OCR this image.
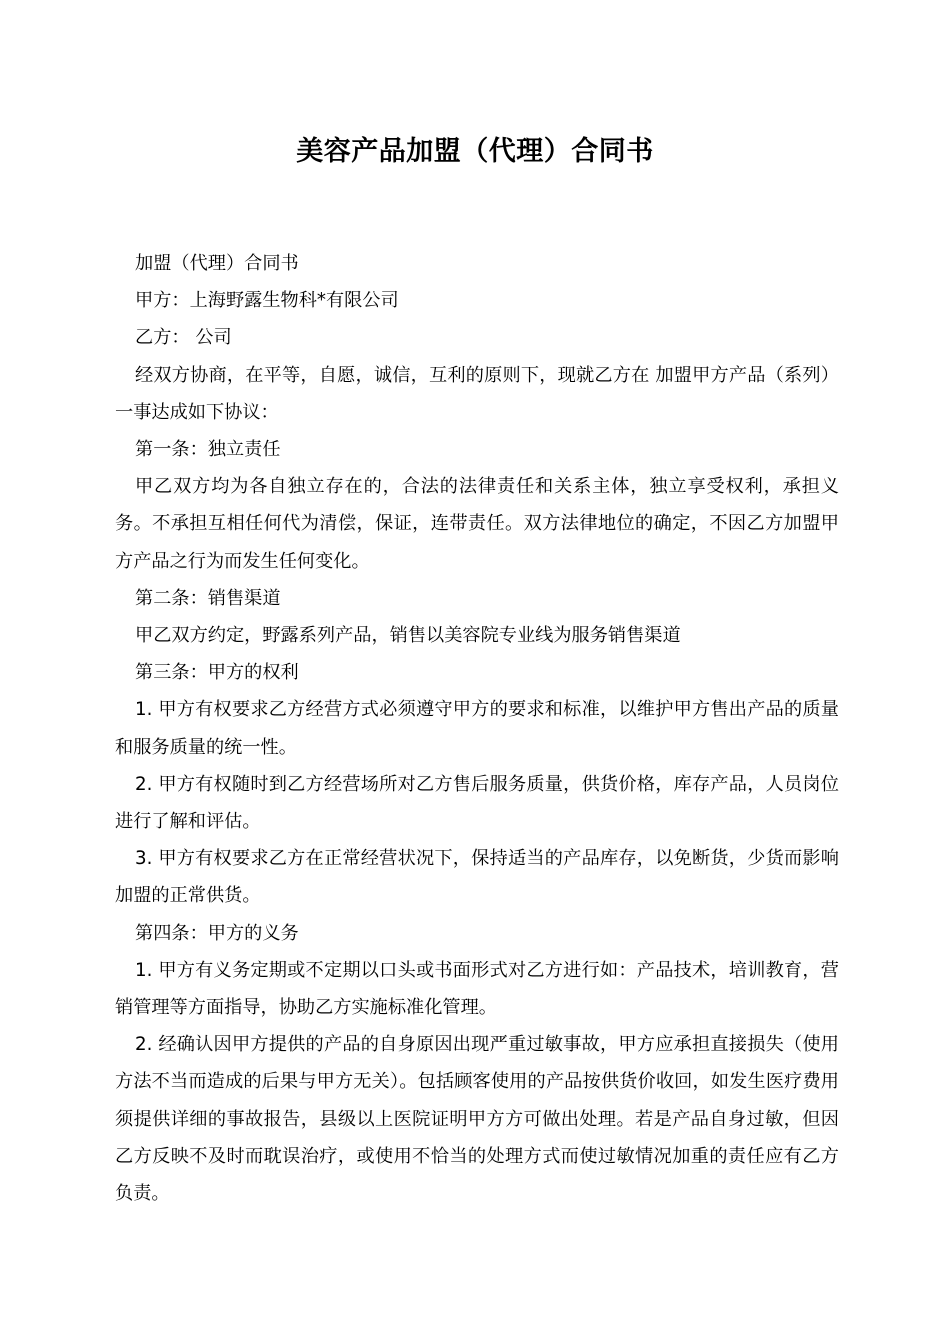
美容产品加盟（代理）合同书

加盟（代理）合同书

甲方：上海野露生物科*有限公司

乙方： 公司

经双方协商，在平等，自愿，诚信，互利的原则下，现就乙方在 加盟甲方产品（系列）一事达成如下协议：

第一条：独立责任

甲乙双方均为各自独立存在的，合法的法律责任和关系主体，独立享受权利，承担义务。不承担互相任何代为清偿，保证，连带责任。双方法律地位的确定，不因乙方加盟甲方产品之行为而发生任何变化。

第二条：销售渠道

甲乙双方约定，野露系列产品，销售以美容院专业线为服务销售渠道

第三条：甲方的权利

1. 甲方有权要求乙方经营方式必须遵守甲方的要求和标准，以维护甲方售出产品的质量和服务质量的统一性。

2. 甲方有权随时到乙方经营场所对乙方售后服务质量，供货价格，库存产品，人员岗位进行了解和评估。

3. 甲方有权要求乙方在正常经营状况下，保持适当的产品库存，以免断货，少货而影响加盟的正常供货。

第四条：甲方的义务

1. 甲方有义务定期或不定期以口头或书面形式对乙方进行如：产品技术，培训教育，营销管理等方面指导，协助乙方实施标准化管理。

2. 经确认因甲方提供的产品的自身原因出现严重过敏事故，甲方应承担直接损失（使用方法不当而造成的后果与甲方无关）。包括顾客使用的产品按供货价收回，如发生医疗费用须提供详细的事故报告，县级以上医院证明甲方方可做出处理。若是产品自身过敏，但因乙方反映不及时而耽误治疗，或使用不恰当的处理方式而使过敏情况加重的责任应有乙方负责。
